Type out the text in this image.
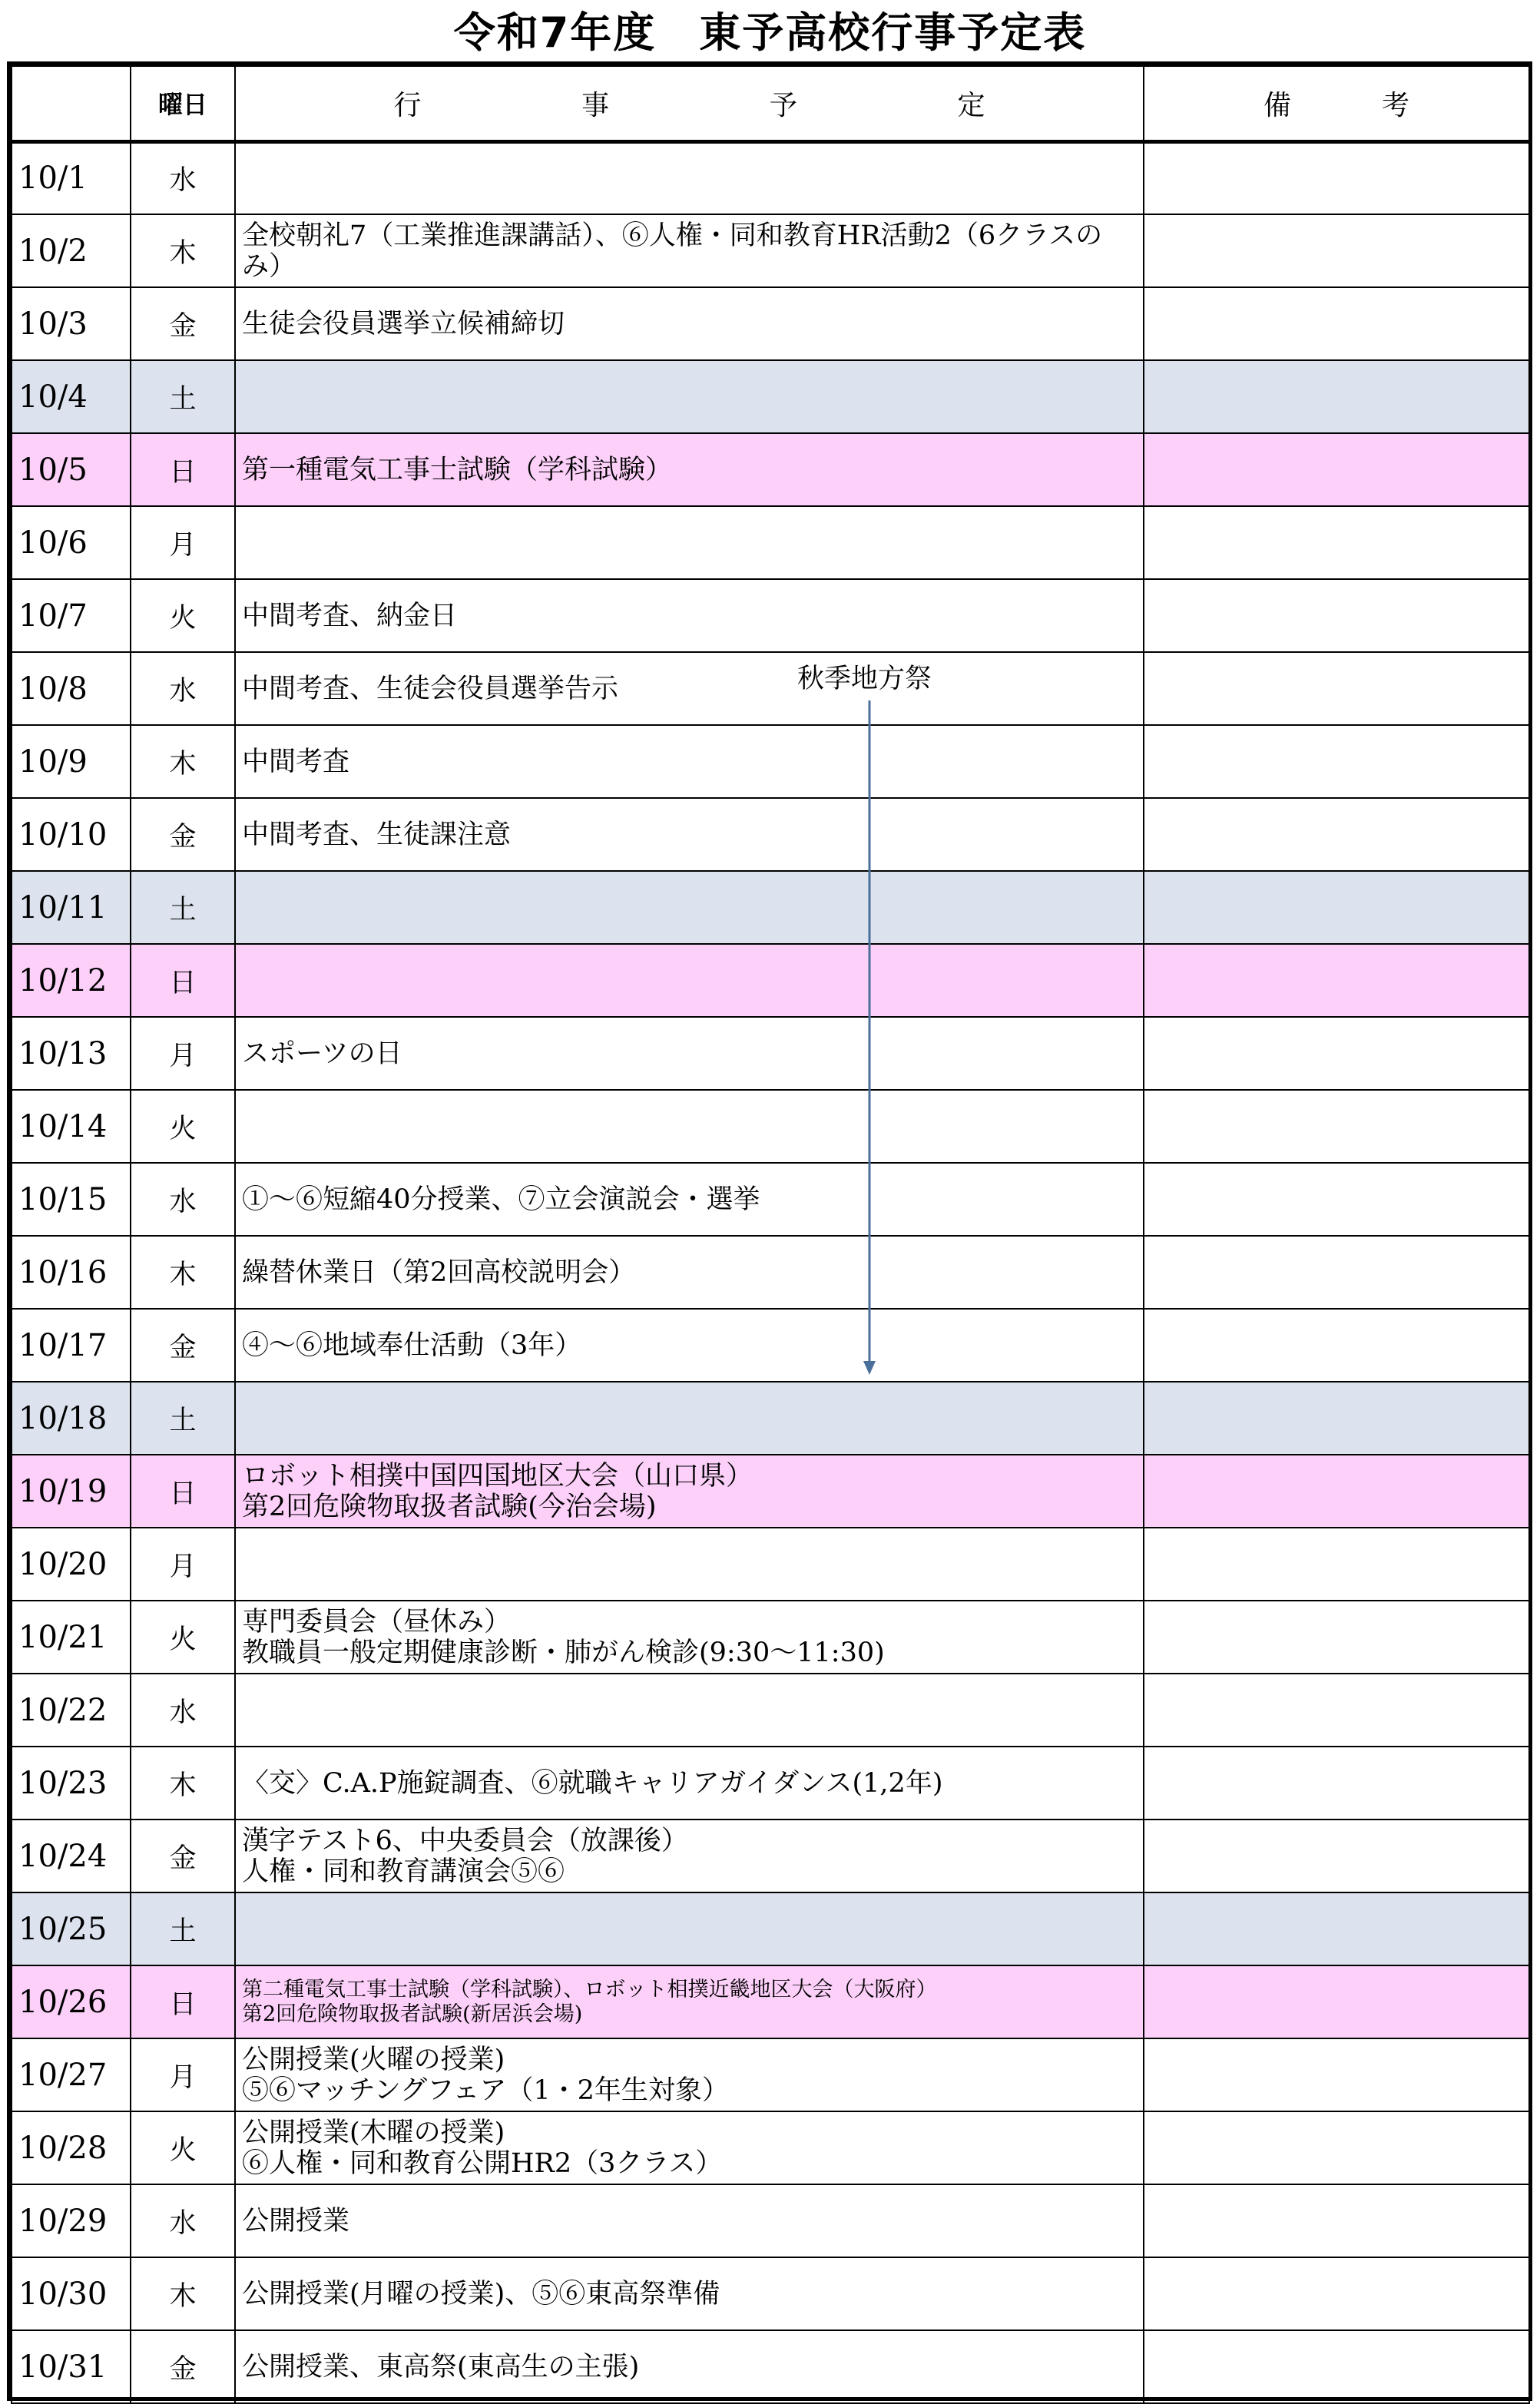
令和7年度　東予高校行事予定表
	曜日	行 事 予 定	備 考

10/1	水		
10/2	木	全校朝礼7（工業推進課講話）、⑥人権・同和教育HR活動2（6クラスの
み）	

10/3	金	生徒会役員選挙立候補締切	

10/4	土		
10/5	日	第一種電気工事士試験（学科試験）	

10/6	月		
10/7	火	中間考査、納金日	

10/8	水	中間考査、生徒会役員選挙告示	

10/9	木	中間考査	

10/10	金	中間考査、生徒課注意	

10/11	土		
10/12	日		
10/13	月	スポーツの日	

10/14	火		
10/15	水	①～⑥短縮40分授業、⑦立会演説会・選挙	

10/16	木	繰替休業日（第2回高校説明会）	

10/17	金	④～⑥地域奉仕活動（3年）	

10/18	土		
10/19	日	ロボット相撲中国四国地区大会（山口県）
第2回危険物取扱者試験(今治会場)	

10/20	月		
10/21	火	専門委員会（昼休み）
教職員一般定期健康診断・肺がん検診(9:30～11:30)	

10/22	水		
10/23	木	〈交〉C.A.P施錠調査、⑥就職キャリアガイダンス(1,2年)	

10/24	金	漢字テスト6、中央委員会（放課後）
人権・同和教育講演会⑤⑥	

10/25	土		
10/26	日	第二種電気工事士試験（学科試験）、ロボット相撲近畿地区大会（大阪府）
第2回危険物取扱者試験(新居浜会場)	

10/27	月	公開授業(火曜の授業)
⑤⑥マッチングフェア（1・2年生対象）	

10/28	火	公開授業(木曜の授業)
⑥人権・同和教育公開HR2（3クラス）	

10/29	水	公開授業	

10/30	木	公開授業(月曜の授業)、⑤⑥東高祭準備	

10/31	金	公開授業、東高祭(東高生の主張)	

秋季地方祭
